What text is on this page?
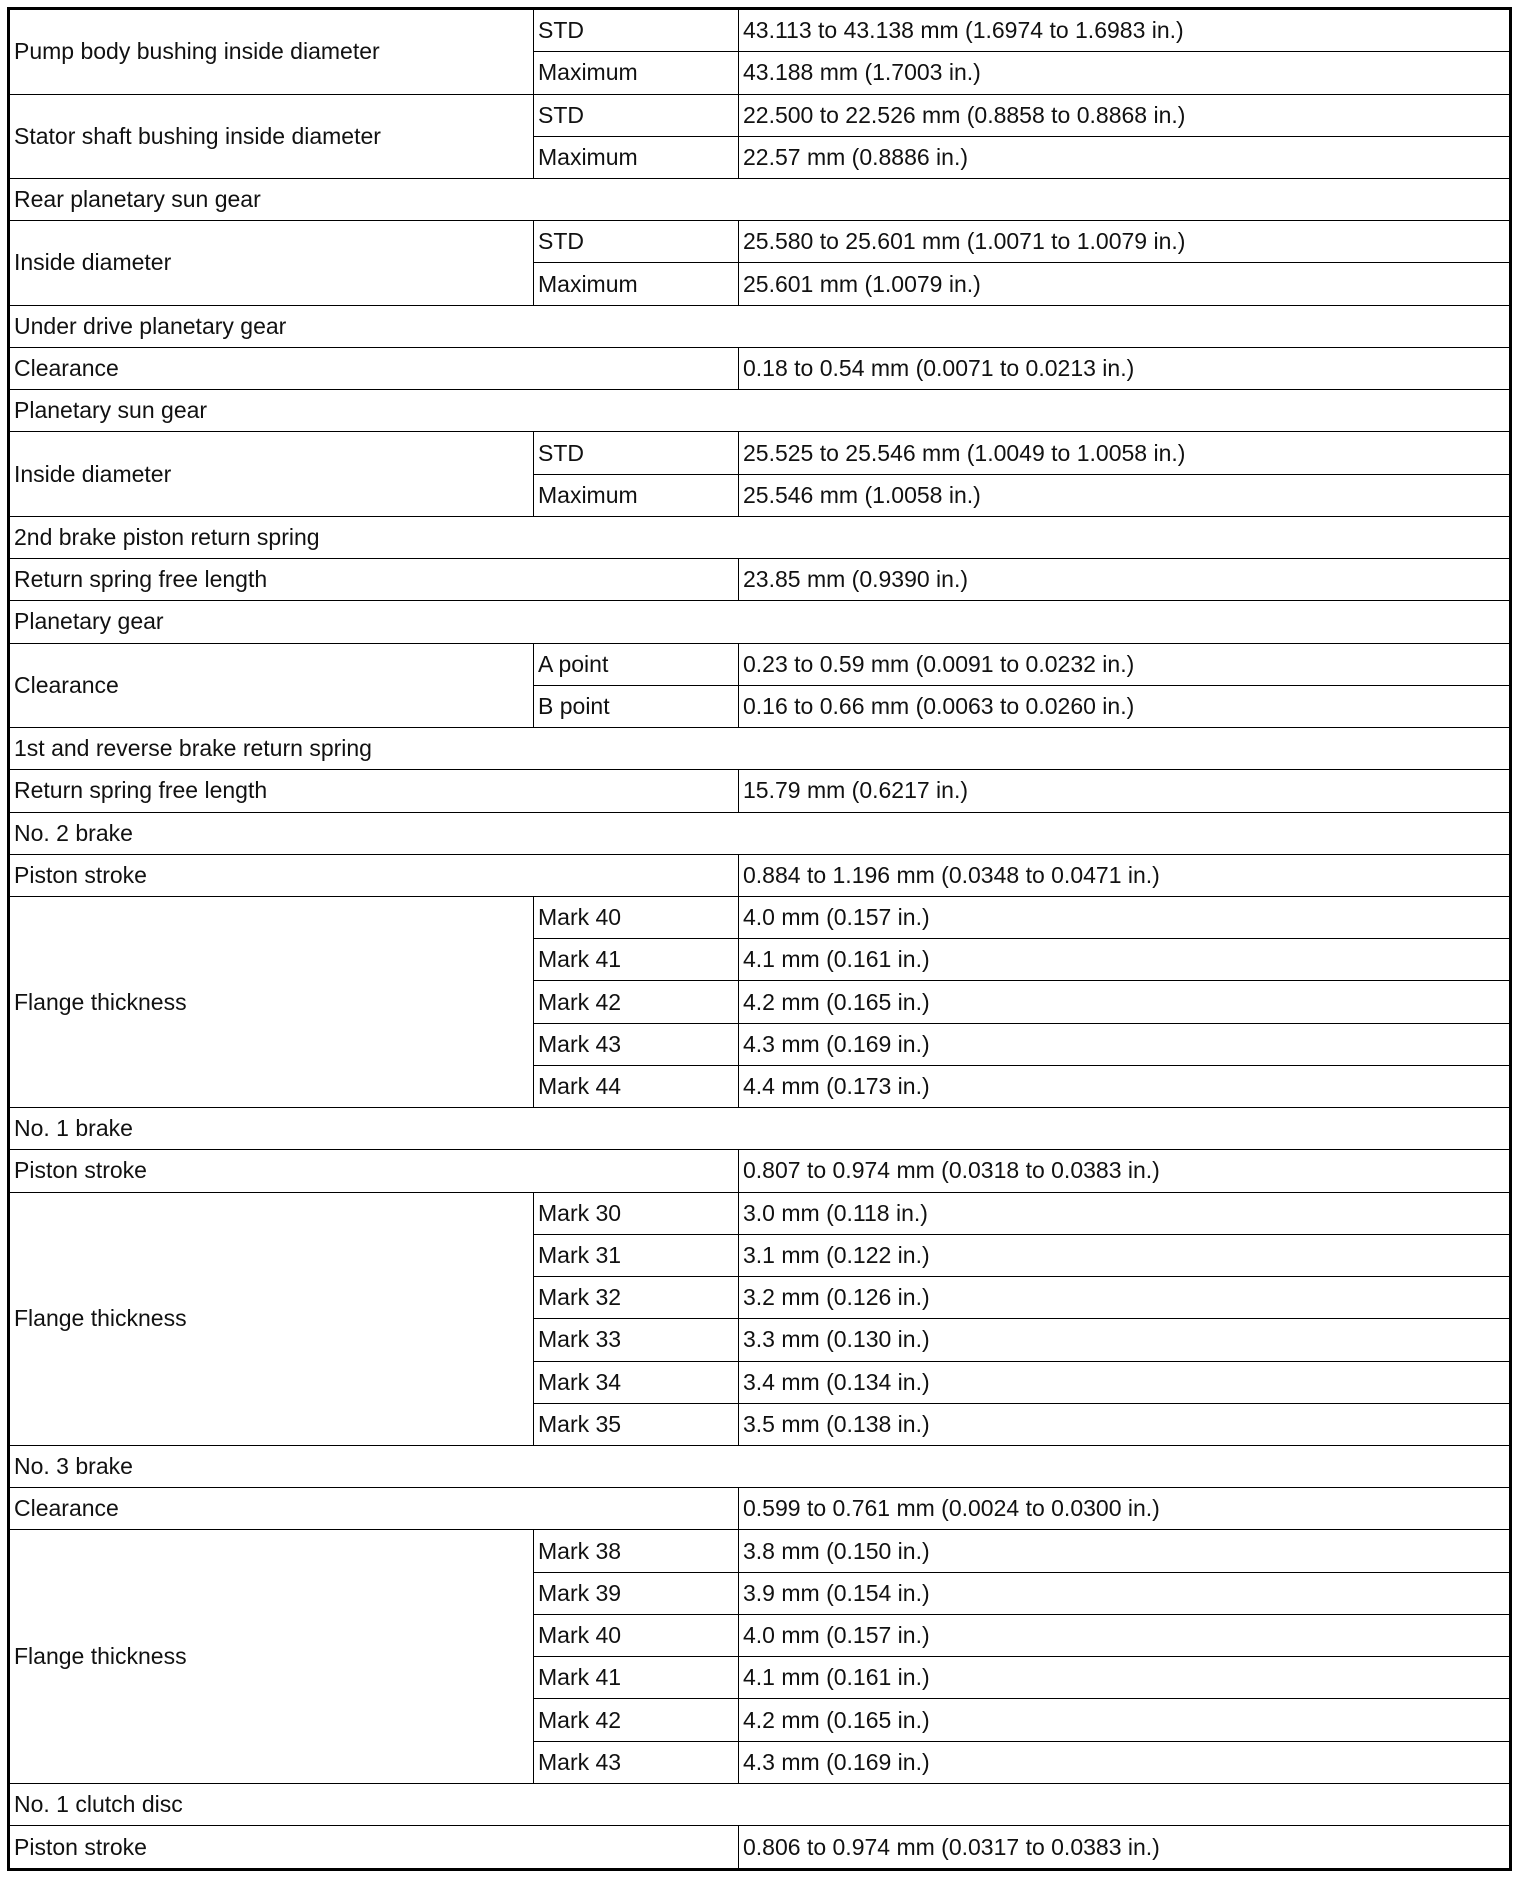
Pump body bushing inside diameter	STD	43.113 to 43.138 mm (1.6974 to 1.6983 in.)
	Maximum	43.188 mm (1.7003 in.)
Stator shaft bushing inside diameter	STD	22.500 to 22.526 mm (0.8858 to 0.8868 in.)
	Maximum	22.57 mm (0.8886 in.)
Rear planetary sun gear		
Inside diameter	STD	25.580 to 25.601 mm (1.0071 to 1.0079 in.)
	Maximum	25.601 mm (1.0079 in.)
Under drive planetary gear		
Clearance		0.18 to 0.54 mm (0.0071 to 0.0213 in.)
Planetary sun gear		
Inside diameter	STD	25.525 to 25.546 mm (1.0049 to 1.0058 in.)
	Maximum	25.546 mm (1.0058 in.)
2nd brake piston return spring		
Return spring free length		23.85 mm (0.9390 in.)
Planetary gear		
Clearance	A point	0.23 to 0.59 mm (0.0091 to 0.0232 in.)
	B point	0.16 to 0.66 mm (0.0063 to 0.0260 in.)
1st and reverse brake return spring		
Return spring free length		15.79 mm (0.6217 in.)
No. 2 brake		
Piston stroke		0.884 to 1.196 mm (0.0348 to 0.0471 in.)
Flange thickness	Mark 40	4.0 mm (0.157 in.)
	Mark 41	4.1 mm (0.161 in.)
	Mark 42	4.2 mm (0.165 in.)
	Mark 43	4.3 mm (0.169 in.)
	Mark 44	4.4 mm (0.173 in.)
No. 1 brake		
Piston stroke		0.807 to 0.974 mm (0.0318 to 0.0383 in.)
Flange thickness	Mark 30	3.0 mm (0.118 in.)
	Mark 31	3.1 mm (0.122 in.)
	Mark 32	3.2 mm (0.126 in.)
	Mark 33	3.3 mm (0.130 in.)
	Mark 34	3.4 mm (0.134 in.)
	Mark 35	3.5 mm (0.138 in.)
No. 3 brake		
Clearance		0.599 to 0.761 mm (0.0024 to 0.0300 in.)
Flange thickness	Mark 38	3.8 mm (0.150 in.)
	Mark 39	3.9 mm (0.154 in.)
	Mark 40	4.0 mm (0.157 in.)
	Mark 41	4.1 mm (0.161 in.)
	Mark 42	4.2 mm (0.165 in.)
	Mark 43	4.3 mm (0.169 in.)
No. 1 clutch disc		
Piston stroke		0.806 to 0.974 mm (0.0317 to 0.0383 in.)
